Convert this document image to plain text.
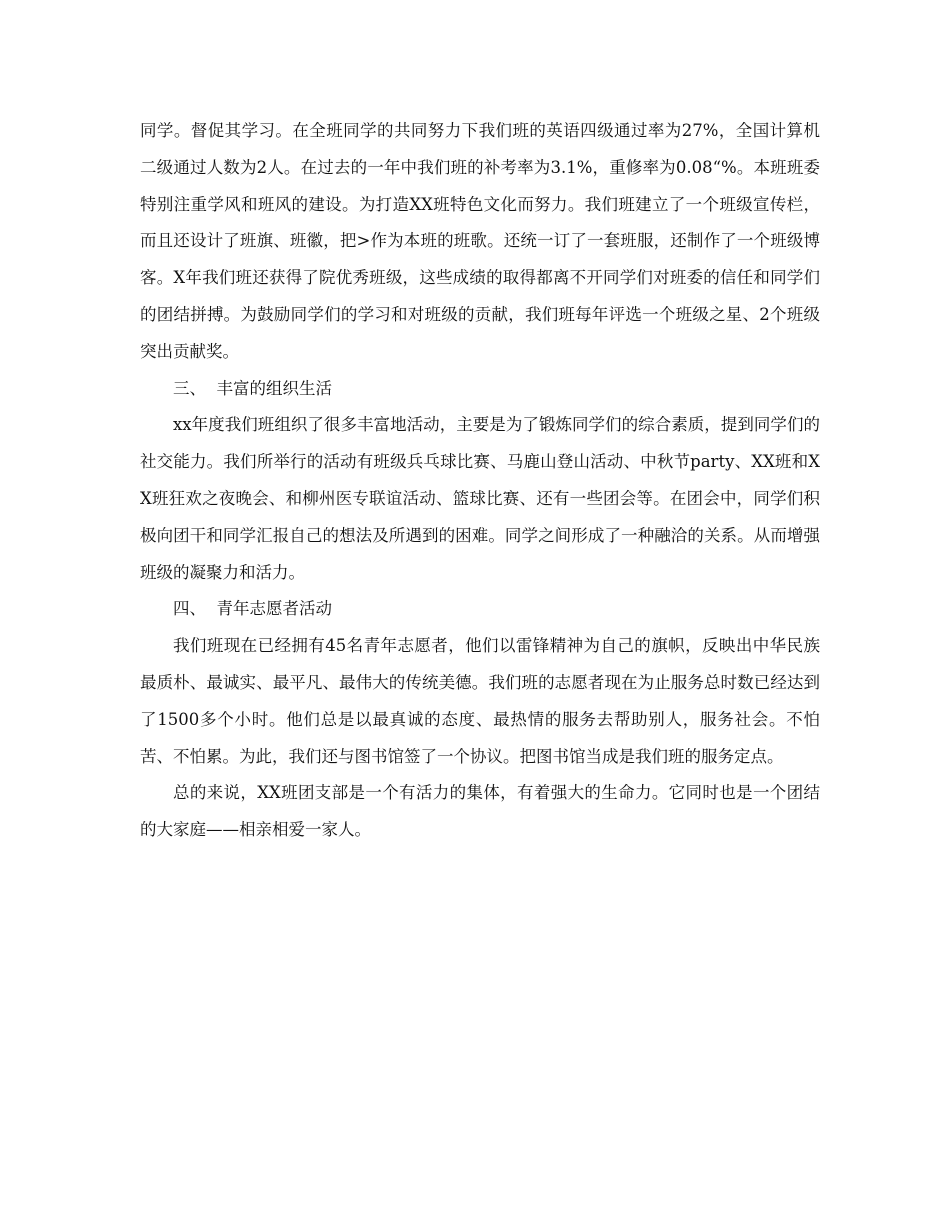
同学。督促其学习。在全班同学的共同努力下我们班的英语四级通过率为27%，全国计算机二级通过人数为2人。在过去的一年中我们班的补考率为3.1%，重修率为0.08“%。本班班委特别注重学风和班风的建设。为打造XX班特色文化而努力。我们班建立了一个班级宣传栏，而且还设计了班旗、班徽，把>作为本班的班歌。还统一订了一套班服，还制作了一个班级博客。X年我们班还获得了院优秀班级，这些成绩的取得都离不开同学们对班委的信任和同学们的团结拼搏。为鼓励同学们的学习和对班级的贡献，我们班每年评选一个班级之星、2个班级突出贡献奖。

三、  丰富的组织生活

xx年度我们班组织了很多丰富地活动，主要是为了锻炼同学们的综合素质，提到同学们的社交能力。我们所举行的活动有班级兵乓球比赛、马鹿山登山活动、中秋节party、XX班和XX班狂欢之夜晚会、和柳州医专联谊活动、篮球比赛、还有一些团会等。在团会中，同学们积极向团干和同学汇报自己的想法及所遇到的困难。同学之间形成了一种融洽的关系。从而增强班级的凝聚力和活力。

四、  青年志愿者活动

我们班现在已经拥有45名青年志愿者，他们以雷锋精神为自己的旗帜，反映出中华民族最质朴、最诚实、最平凡、最伟大的传统美德。我们班的志愿者现在为止服务总时数已经达到了1500多个小时。他们总是以最真诚的态度、最热情的服务去帮助别人，服务社会。不怕苦、不怕累。为此，我们还与图书馆签了一个协议。把图书馆当成是我们班的服务定点。

总的来说，XX班团支部是一个有活力的集体，有着强大的生命力。它同时也是一个团结的大家庭——相亲相爱一家人。
